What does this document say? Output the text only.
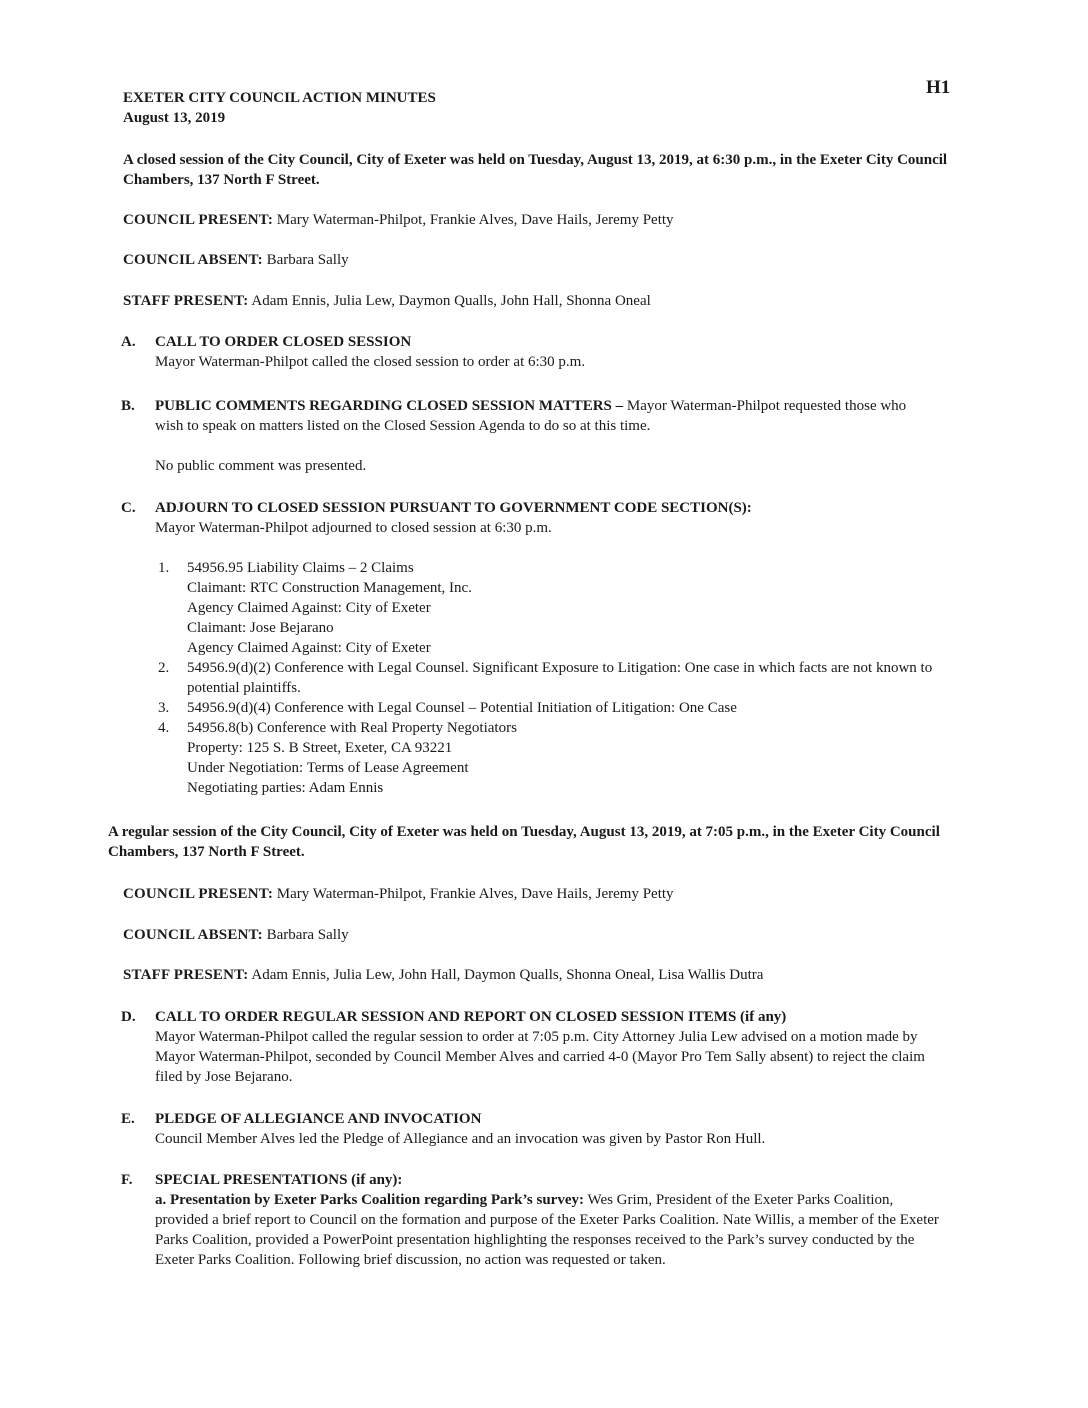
H1
EXETER CITY COUNCIL ACTION MINUTES
August 13, 2019
A closed session of the City Council, City of Exeter was held on Tuesday, August 13, 2019, at 6:30 p.m., in the Exeter City Council Chambers, 137 North F Street.
COUNCIL PRESENT: Mary Waterman-Philpot, Frankie Alves, Dave Hails, Jeremy Petty
COUNCIL ABSENT: Barbara Sally
STAFF PRESENT: Adam Ennis, Julia Lew, Daymon Qualls, John Hall, Shonna Oneal
A.	CALL TO ORDER CLOSED SESSION
Mayor Waterman-Philpot called the closed session to order at 6:30 p.m.
B.	PUBLIC COMMENTS REGARDING CLOSED SESSION MATTERS – Mayor Waterman-Philpot requested those who wish to speak on matters listed on the Closed Session Agenda to do so at this time.
No public comment was presented.
C.	ADJOURN TO CLOSED SESSION PURSUANT TO GOVERNMENT CODE SECTION(S):
Mayor Waterman-Philpot adjourned to closed session at 6:30 p.m.
1. 54956.95 Liability Claims – 2 Claims
Claimant: RTC Construction Management, Inc.
Agency Claimed Against: City of Exeter
Claimant: Jose Bejarano
Agency Claimed Against: City of Exeter
2. 54956.9(d)(2) Conference with Legal Counsel. Significant Exposure to Litigation: One case in which facts are not known to potential plaintiffs.
3. 54956.9(d)(4) Conference with Legal Counsel – Potential Initiation of Litigation: One Case
4. 54956.8(b) Conference with Real Property Negotiators
Property: 125 S. B Street, Exeter, CA 93221
Under Negotiation: Terms of Lease Agreement
Negotiating parties: Adam Ennis
A regular session of the City Council, City of Exeter was held on Tuesday, August 13, 2019, at 7:05 p.m., in the Exeter City Council Chambers, 137 North F Street.
COUNCIL PRESENT: Mary Waterman-Philpot, Frankie Alves, Dave Hails, Jeremy Petty
COUNCIL ABSENT: Barbara Sally
STAFF PRESENT: Adam Ennis, Julia Lew, John Hall, Daymon Qualls, Shonna Oneal, Lisa Wallis Dutra
D.	CALL TO ORDER REGULAR SESSION AND REPORT ON CLOSED SESSION ITEMS (if any)
Mayor Waterman-Philpot called the regular session to order at 7:05 p.m. City Attorney Julia Lew advised on a motion made by Mayor Waterman-Philpot, seconded by Council Member Alves and carried 4-0 (Mayor Pro Tem Sally absent) to reject the claim filed by Jose Bejarano.
E.	PLEDGE OF ALLEGIANCE AND INVOCATION
Council Member Alves led the Pledge of Allegiance and an invocation was given by Pastor Ron Hull.
F.	SPECIAL PRESENTATIONS (if any):
a. Presentation by Exeter Parks Coalition regarding Park’s survey: Wes Grim, President of the Exeter Parks Coalition, provided a brief report to Council on the formation and purpose of the Exeter Parks Coalition. Nate Willis, a member of the Exeter Parks Coalition, provided a PowerPoint presentation highlighting the responses received to the Park’s survey conducted by the Exeter Parks Coalition. Following brief discussion, no action was requested or taken.
